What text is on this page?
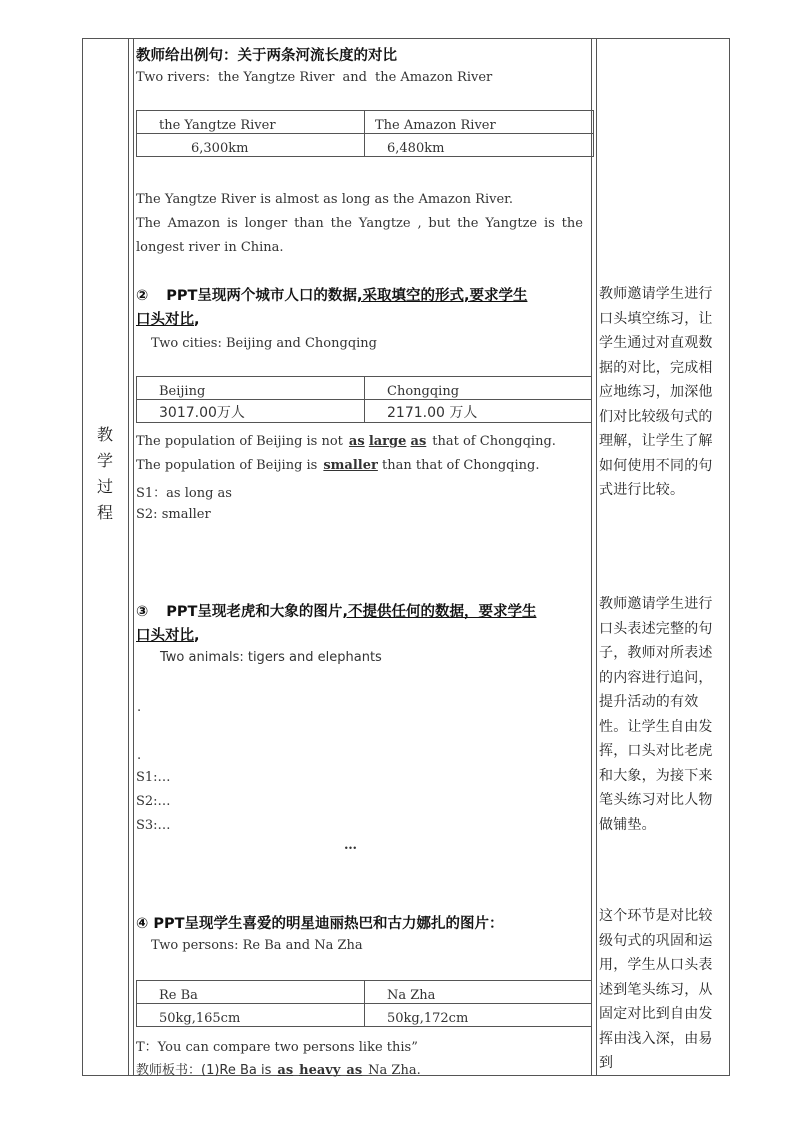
教
学
过
程
教师给出例句：关于两条河流长度的对比
Two rivers: the Yangtze River and the Amazon River
the Yangtze River	The Amazon River
6,300km	6,480km
The Yangtze River is almost as long as the Amazon River.
The Amazon is longer than the Yangtze , but the Yangtze is the
longest river in China.
② PPT呈现两个城市人口的数据,采取填空的形式,要求学生
口头对比,
Two cities: Beijing and Chongqing
Beijing	Chongqing
3017.00万人	2171.00 万人
The population of Beijing is not as large as that of Chongqing.
The population of Beijing is smaller than that of Chongqing.
S1：as long as
S2: smaller
教师邀请学生进行口头填空练习，让学生通过对直观数据的对比，完成相应地练习，加深他们对比较级句式的理解，让学生了解如何使用不同的句式进行比较。
③ PPT呈现老虎和大象的图片,不提供任何的数据，要求学生
口头对比,
Two animals: tigers and elephants
.
.
S1:…
S2:…
S3:…
…
教师邀请学生进行口头表述完整的句子，教师对所表述的内容进行追问，提升活动的有效性。让学生自由发挥，口头对比老虎和大象，为接下来笔头练习对比人物做铺垫。
④ PPT呈现学生喜爱的明星迪丽热巴和古力娜扎的图片：
Two persons: Re Ba and Na Zha
Re Ba	Na Zha
50kg,165cm	50kg,172cm
T：You can compare two persons like this”
教师板书：(1)Re Ba is as heavy as Na Zha.
这个环节是对比较级句式的巩固和运用，学生从口头表述到笔头练习，从固定对比到自由发挥由浅入深，由易到
